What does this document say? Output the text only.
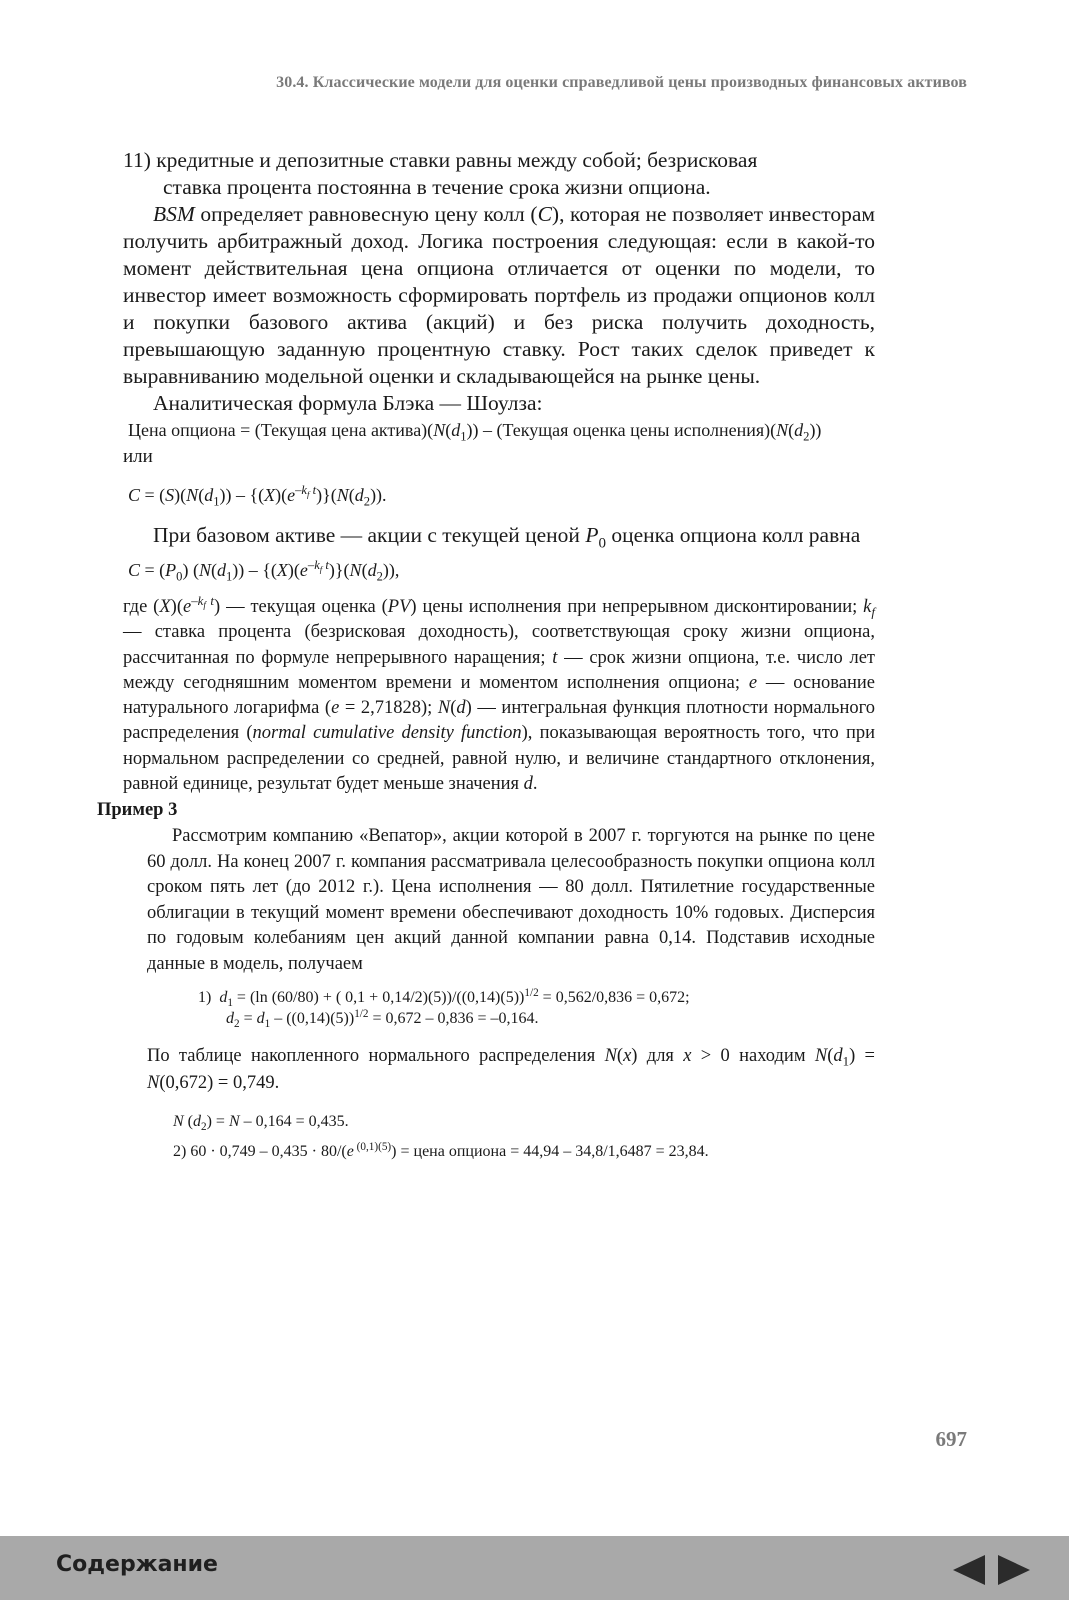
30.4. Классические модели для оценки справедливой цены производных финансовых активов

11) кредитные и депозитные ставки равны между собой; безрисковая
ставка процента постоянна в течение срока жизни опциона.

BSM определяет равновесную цену колл (C), которая не позволяет инвесторам получить арбитражный доход. Логика построения следующая: если в какой-то момент действительная цена опциона отличается от оценки по модели, то инвестор имеет возможность сформировать портфель из продажи опционов колл и покупки базового актива (акций) и без риска получить доходность, превышающую заданную процентную ставку. Рост таких сделок приведет к выравниванию модельной оценки и складывающейся на рынке цены.

Аналитическая формула Блэка — Шоулза:

Цена опциона = (Текущая цена $актива)(N(d_1))$ – (Текущая оценка цены $исполнения)(N(d_2))$

или

$C = (S)(N(d_1)) - \{(X)(e^{-k_f t})\}(N(d_2))$.

При базовом активе — акции с текущей ценой $P_0$ оценка опциона колл равна

$C = (P_0)$ $(N(d_1)) - \{(X)(e^{-k_f t})\}(N(d_2))$,

где $(X)(e^{-k_f t})$ — текущая оценка (PV) цены исполнения при непрерывном дисконтировании; $k_f$ — ставка процента (безрисковая доходность), соответствующая сроку жизни опциона, рассчитанная по формуле непрерывного наращения; t — срок жизни опциона, т.е. число лет между сегодняшним моментом времени и моментом исполнения опциона; e — основание натурального логарифма (e = 2,71828); N(d) — интегральная функция плотности нормального распределения (normal cumulative density function), показывающая вероятность того, что при нормальном распределении со средней, равной нулю, и величине стандартного отклонения, равной единице, результат будет меньше значения d.

Пример 3

Рассмотрим компанию «Вепатор», акции которой в 2007 г. торгуются на рынке по цене 60 долл. На конец 2007 г. компания рассматривала целесообразность покупки опциона колл сроком пять лет (до 2012 г.). Цена исполнения — 80 долл. Пятилетние государственные облигации в текущий момент времени обеспечивают доходность 10% годовых. Дисперсия по годовым колебаниям цен акций данной компании равна 0,14. Подставив исходные данные в модель, получаем

1) $d_1 = (\ln$ (60/80) + ( $0,1 + 0,14/2)(5))/((0,14)(5))^{1/2} = 0,562/0,836 = 0,672$;
$d_2 = d_1 - ((0,14)(5))^{1/2} = 0,672 - 0,836 = -0,164$.

По таблице накопленного нормального распределения N(x) для x > 0 находим $N(d_1) = N(0,672) = 0,749$.

N $(d_2) = N - 0,164 = 0,435$.
2) 60 · 0,749 – 0,435 · 80/(e $^{(0,1)(5)}$) = цена опциона = 44,94 – 34,8/1,6487 = 23,84.
697
Содержание
